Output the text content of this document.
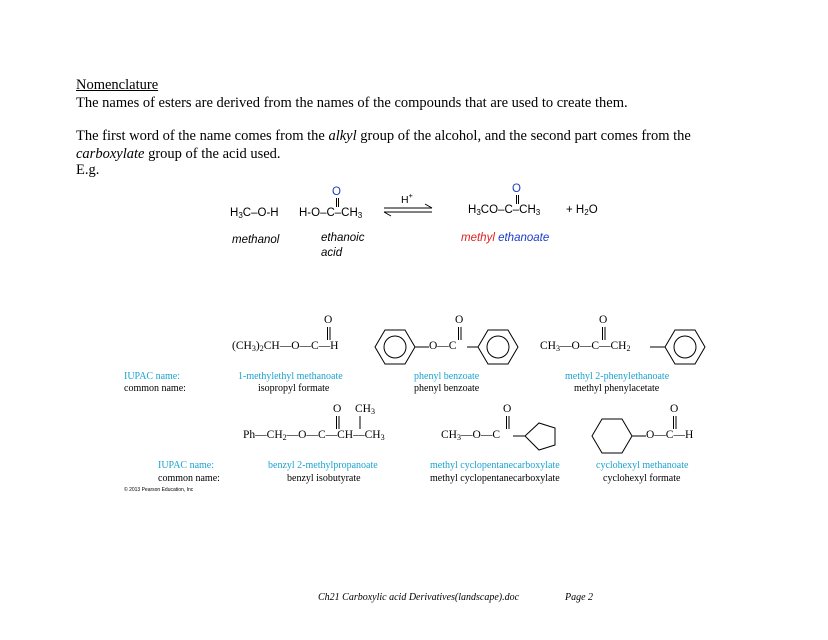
Nomenclature
The names of esters are derived from the names of the compounds that are used to create them.
The first word of the name comes from the alkyl group of the alcohol, and the second part comes from the
carboxylate group of the acid used.
E.g.
$H_3C-O-H$ $H-O-C-CH_3$
O
H+
$H_3CO-C-CH_3$
O
+ $H_2O$
methanol	ethanoic
acid
methyl ethanoate
$(CH_3)_2CH—O—C—H$
O
O—C
O
$CH_3—O—C—CH_2$
O
IUPAC name:
common name:
1-methylethyl methanoate
isopropyl formate
phenyl benzoate
phenyl benzoate
methyl 2-phenylethanoate
methyl phenylacetate
$Ph—CH_2—O—C—CH—CH_3$
O $CH_3$
$CH_3—O—C$
O
O—C—H
O
IUPAC name:
common name:
benzyl 2-methylpropanoate
benzyl isobutyrate
methyl cyclopentanecarboxylate
methyl cyclopentanecarboxylate
cyclohexyl methanoate
cyclohexyl formate
© 2013 Pearson Education, Inc
Ch21 Carboxylic acid Derivatives(landscape).doc	Page 2
